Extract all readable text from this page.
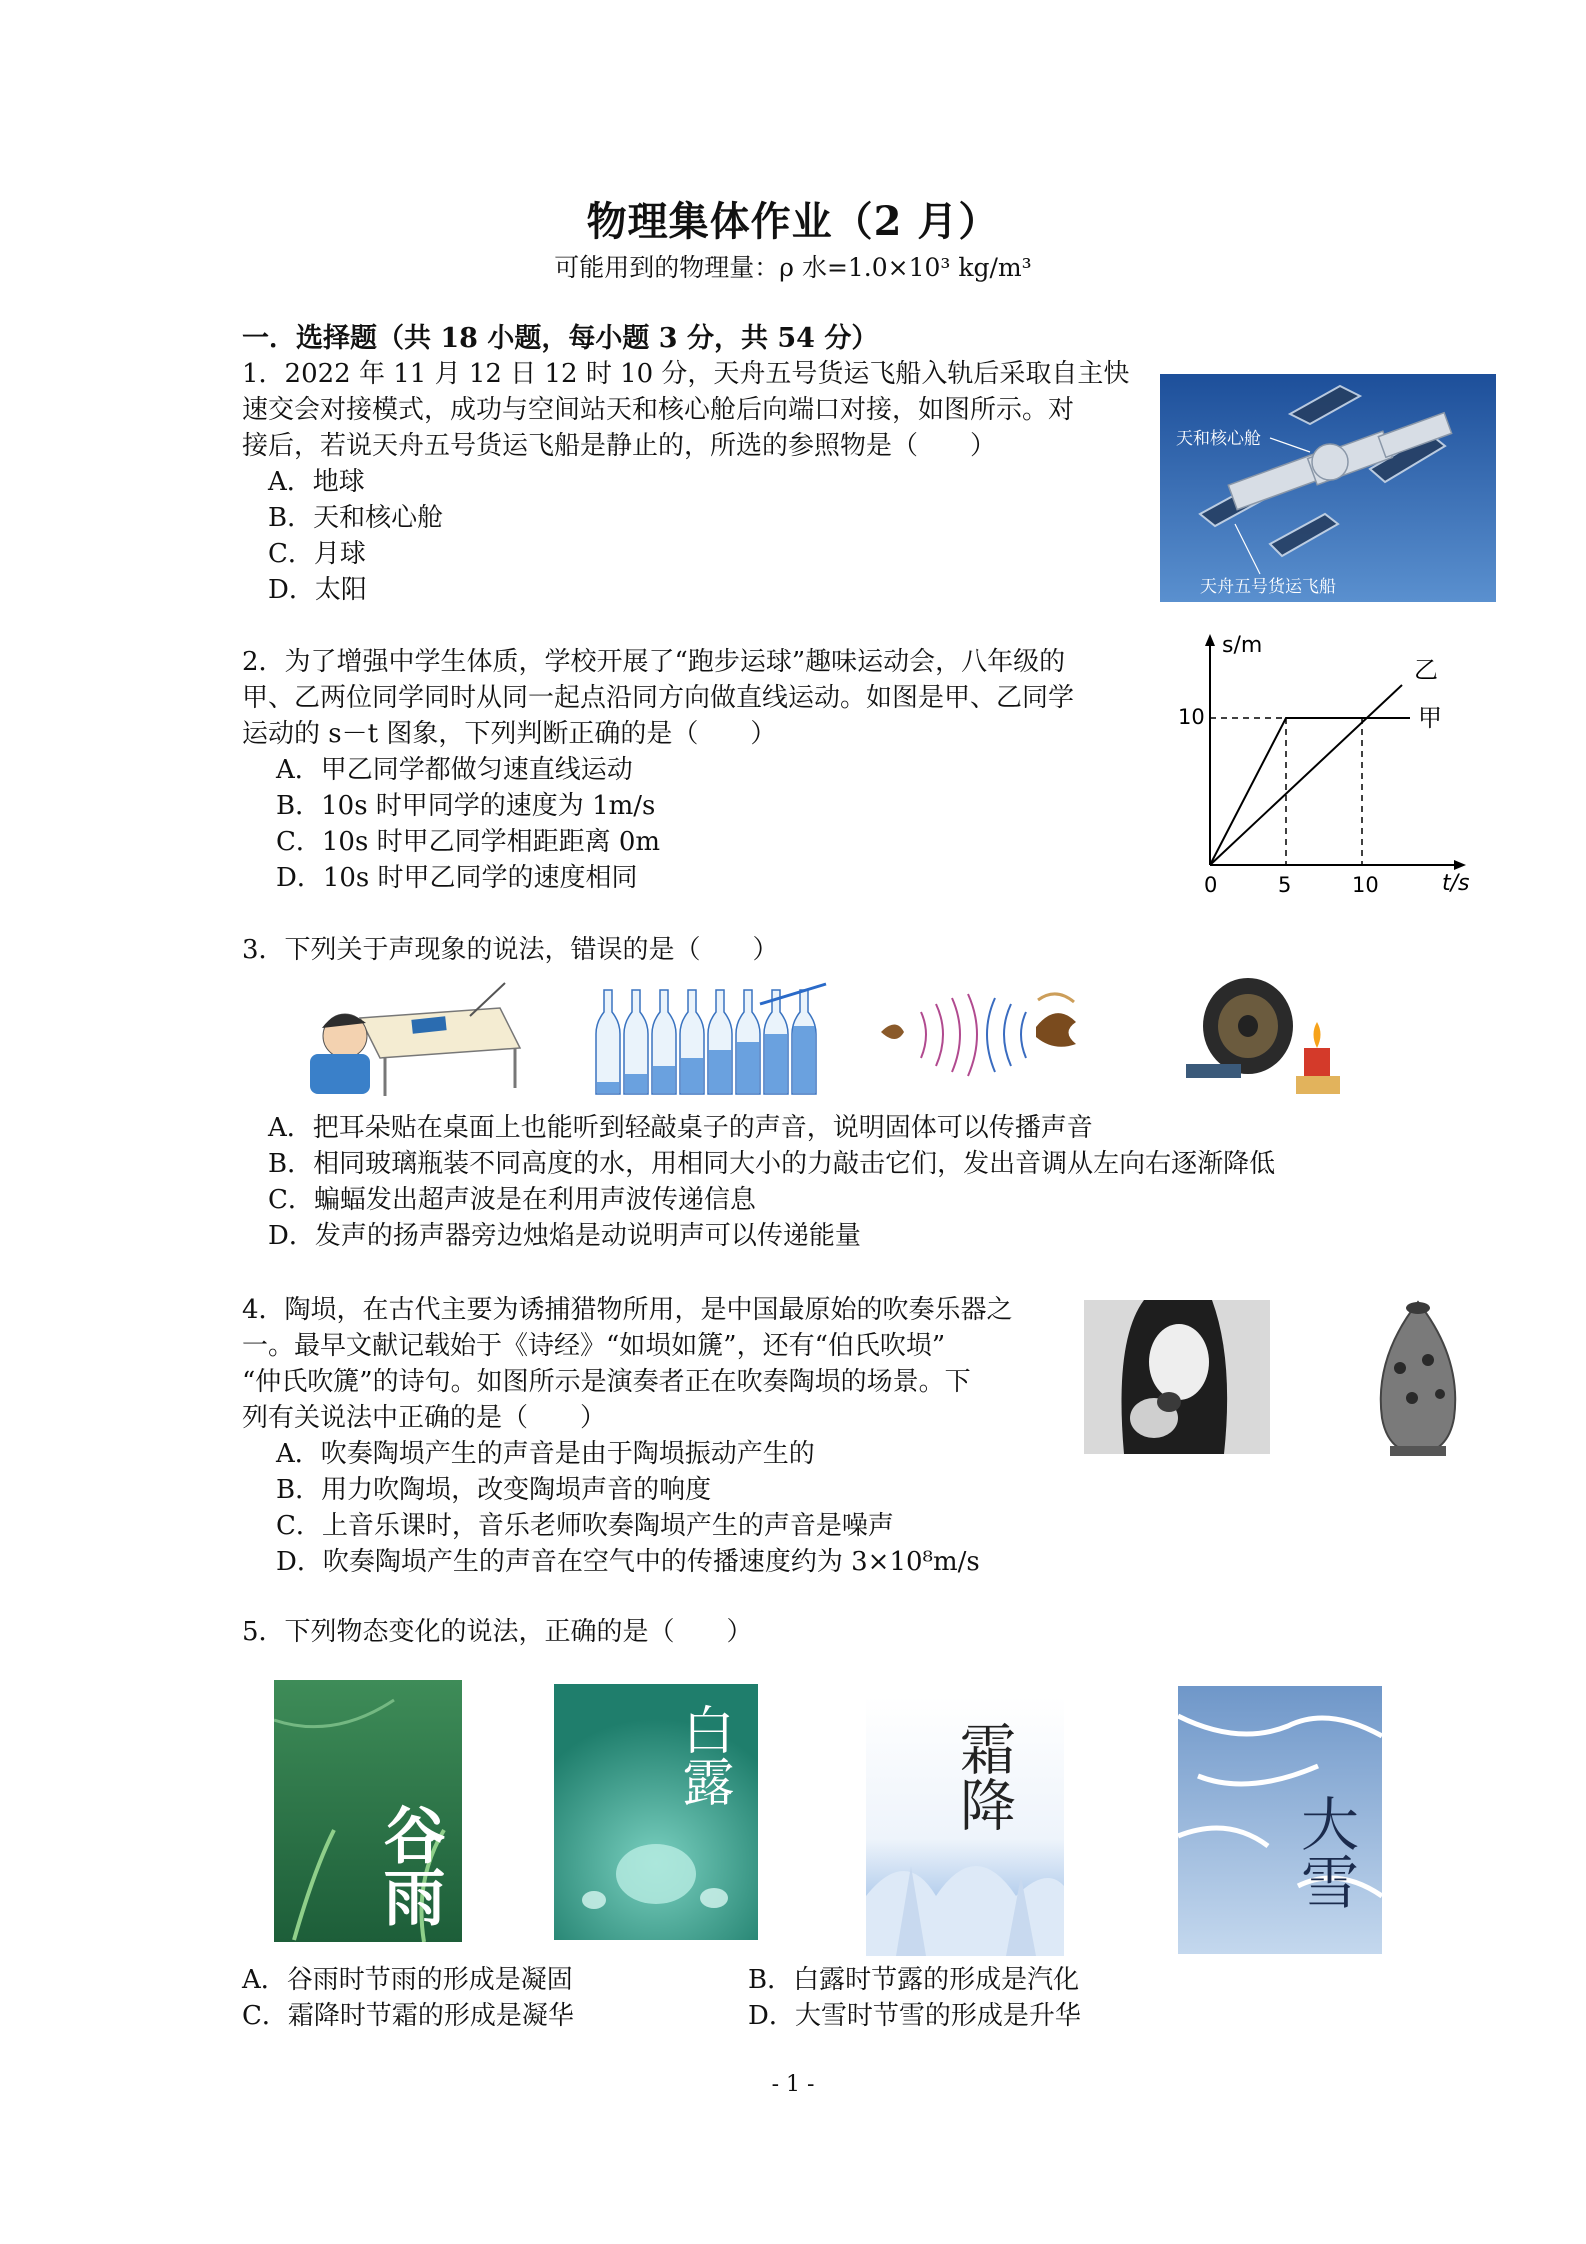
物理集体作业（2 月）
可能用到的物理量：ρ 水=1.0×10³ kg/m³
一．选择题（共 18 小题，每小题 3 分，共 54 分）
1．2022 年 11 月 12 日 12 时 10 分，天舟五号货运飞船入轨后采取自主快
速交会对接模式，成功与空间站天和核心舱后向端口对接，如图所示。对
接后，若说天舟五号货运飞船是静止的，所选的参照物是（　　）
A．地球
B．天和核心舱
C．月球
D．太阳
天和核心舱
天舟五号货运飞船
2．为了增强中学生体质，学校开展了“跑步运球”趣味运动会，八年级的
甲、乙两位同学同时从同一起点沿同方向做直线运动。如图是甲、乙同学
运动的 s－t 图象，下列判断正确的是（　　）
A．甲乙同学都做匀速直线运动
B．10s 时甲同学的速度为 1m/s
C．10s 时甲乙同学相距距离 0m
D．10s 时甲乙同学的速度相同
s/m
t/s
10
0	5	10
甲
乙
3．下列关于声现象的说法，错误的是（　　）
A．把耳朵贴在桌面上也能听到轻敲桌子的声音，说明固体可以传播声音
B．相同玻璃瓶装不同高度的水，用相同大小的力敲击它们，发出音调从左向右逐渐降低
C．蝙蝠发出超声波是在利用声波传递信息
D．发声的扬声器旁边烛焰是动说明声可以传递能量
4．陶埙，在古代主要为诱捕猎物所用，是中国最原始的吹奏乐器之
一。最早文献记载始于《诗经》“如埙如篪”，还有“伯氏吹埙”
“仲氏吹篪”的诗句。如图所示是演奏者正在吹奏陶埙的场景。下
列有关说法中正确的是（　　）
A．吹奏陶埙产生的声音是由于陶埙振动产生的
B．用力吹陶埙，改变陶埙声音的响度
C．上音乐课时，音乐老师吹奏陶埙产生的声音是噪声
D．吹奏陶埙产生的声音在空气中的传播速度约为 3×10⁸m/s
5．下列物态变化的说法，正确的是（　　）
谷雨
白露	霜降
大雪
A．谷雨时节雨的形成是凝固	B．白露时节露的形成是汽化
C．霜降时节霜的形成是凝华	D．大雪时节雪的形成是升华
- 1 -
